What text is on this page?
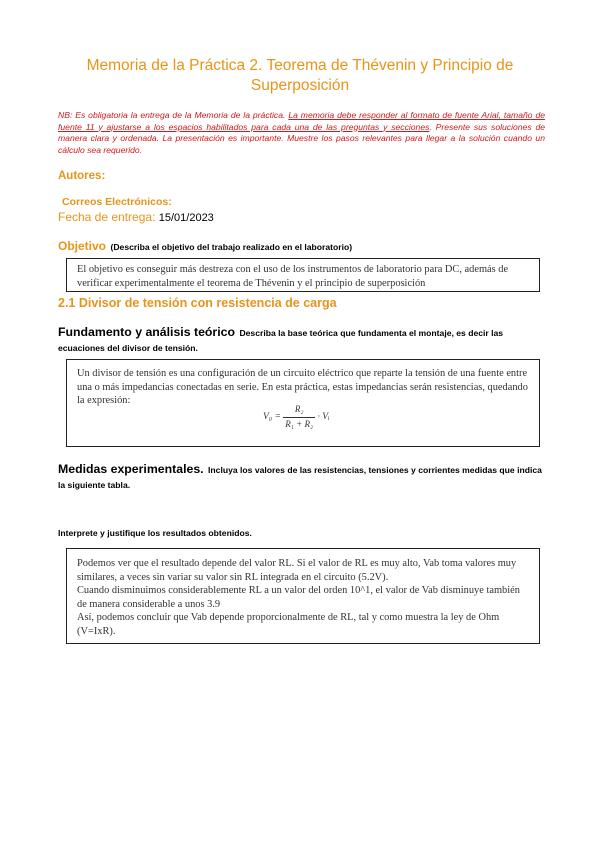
Memoria de la Práctica 2. Teorema de Thévenin y Principio de Superposición
NB: Es obligatoria la entrega de la Memoria de la práctica. La memoria debe responder al formato de fuente Arial, tamaño de fuente 11 y ajustarse a los espacios habilitados para cada una de las preguntas y secciones. Presente sus soluciones de manera clara y ordenada. La presentación es importante. Muestre los pasos relevantes para llegar a la solución cuando un cálculo sea requerido.
Autores:
Correos Electrónicos:
Fecha de entrega: 15/01/2023
Objetivo (Describa el objetivo del trabajo realizado en el laboratorio)
El objetivo es conseguir más destreza con el uso de los instrumentos de laboratorio para DC, además de verificar experimentalmente el teorema de Thévenin y el principio de superposición
2.1 Divisor de tensión con resistencia de carga
Fundamento y análisis teórico Describa la base teórica que fundamenta el montaje, es decir las ecuaciones del divisor de tensión.
Un divisor de tensión es una configuración de un circuito eléctrico que reparte la tensión de una fuente entre una o más impedancias conectadas en serie. En esta práctica, estas impedancias serán resistencias, quedando la expresión:
$V_0 = \frac{\text{R₂}}{\text{R₁ + R₂}}$ · Vᵢ
Medidas experimentales. Incluya los valores de las resistencias, tensiones y corrientes medidas que indica la siguiente tabla.
Interprete y justifique los resultados obtenidos.
Podemos ver que el resultado depende del valor RL. Si el valor de RL es muy alto, Vab toma valores muy similares, a veces sin variar su valor sin RL integrada en el circuito (5.2V).
Cuando disminuimos considerablemente RL a un valor del orden 10^1, el valor de Vab disminuye también de manera considerable a unos 3.9
Así, podemos concluir que Vab depende proporcionalmente de RL, tal y como muestra la ley de Ohm (V=IxR).
